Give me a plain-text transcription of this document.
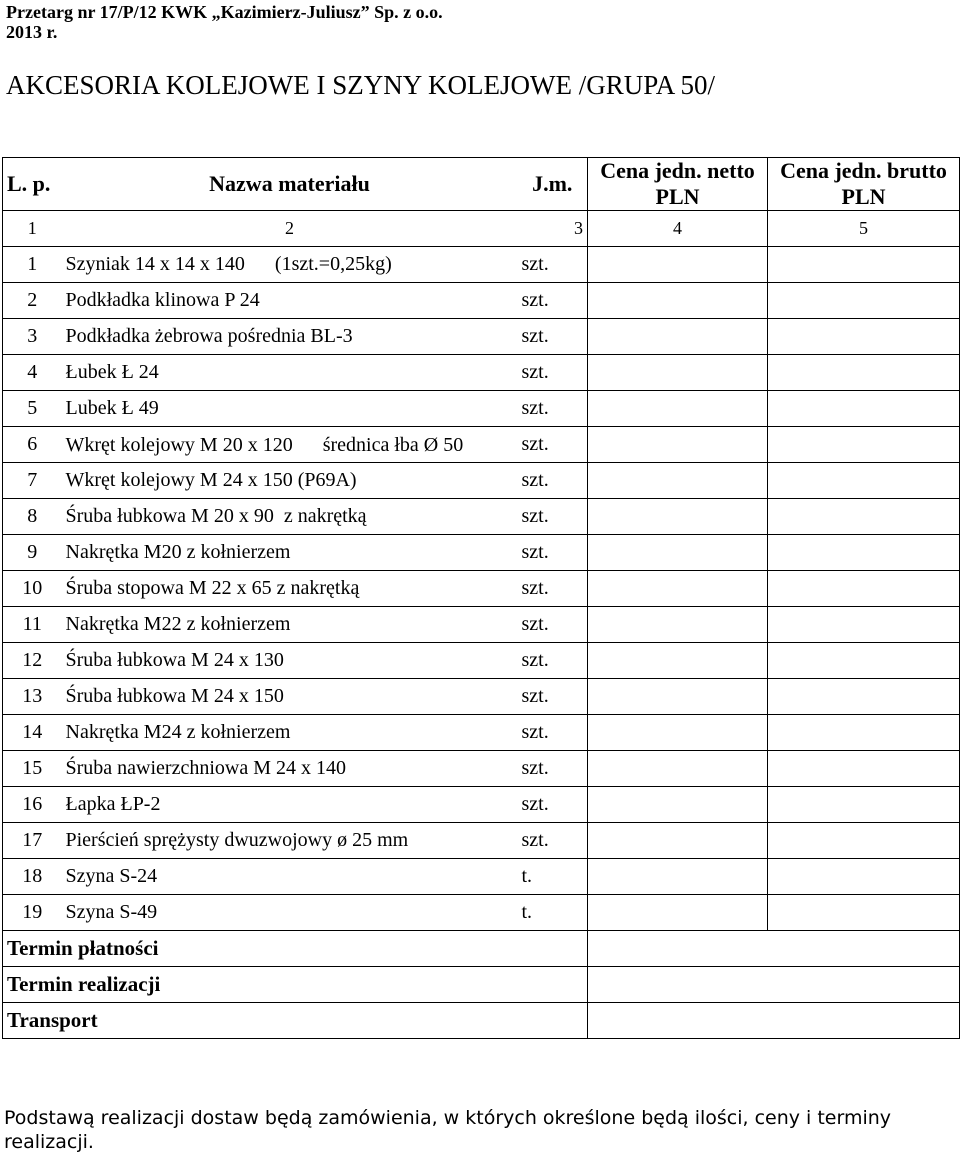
Przetarg nr 17/P/12 KWK „Kazimierz-Juliusz” Sp. z o.o.

2013 r.

AKCESORIA KOLEJOWE I SZYNY KOLEJOWE /GRUPA 50/
L. p.	Nazwa materiału	J.m.	Cena jedn. netto PLN	Cena jedn. brutto PLN
1	2	3	4	5
1	Szyniak 14 x 14 x 140      (1szt.=0,25kg)	szt.		
2	Podkładka klinowa P 24	szt.		
3	Podkładka żebrowa pośrednia BL-3	szt.		
4	Łubek Ł 24	szt.		
5	Lubek Ł 49	szt.		
6	Wkręt kolejowy M 20 x 120      średnica łba Ø 50	szt.		
7	Wkręt kolejowy M 24 x 150 (P69A)	szt.		
8	Śruba łubkowa M 20 x 90  z nakrętką	szt.		
9	Nakrętka M20 z kołnierzem	szt.		
10	Śruba stopowa M 22 x 65 z nakrętką	szt.		
11	Nakrętka M22 z kołnierzem	szt.		
12	Śruba łubkowa M 24 x 130	szt.		
13	Śruba łubkowa M 24 x 150	szt.		
14	Nakrętka M24 z kołnierzem	szt.		
15	Śruba nawierzchniowa M 24 x 140	szt.		
16	Łapka ŁP-2	szt.		
17	Pierścień sprężysty dwuzwojowy ø 25 mm	szt.		
18	Szyna S-24	t.		
19	Szyna S-49	t.		
Termin płatności				
Termin realizacji				
Transport				

Podstawą realizacji dostaw będą zamówienia, w których określone będą ilości, ceny i terminy realizacji.
